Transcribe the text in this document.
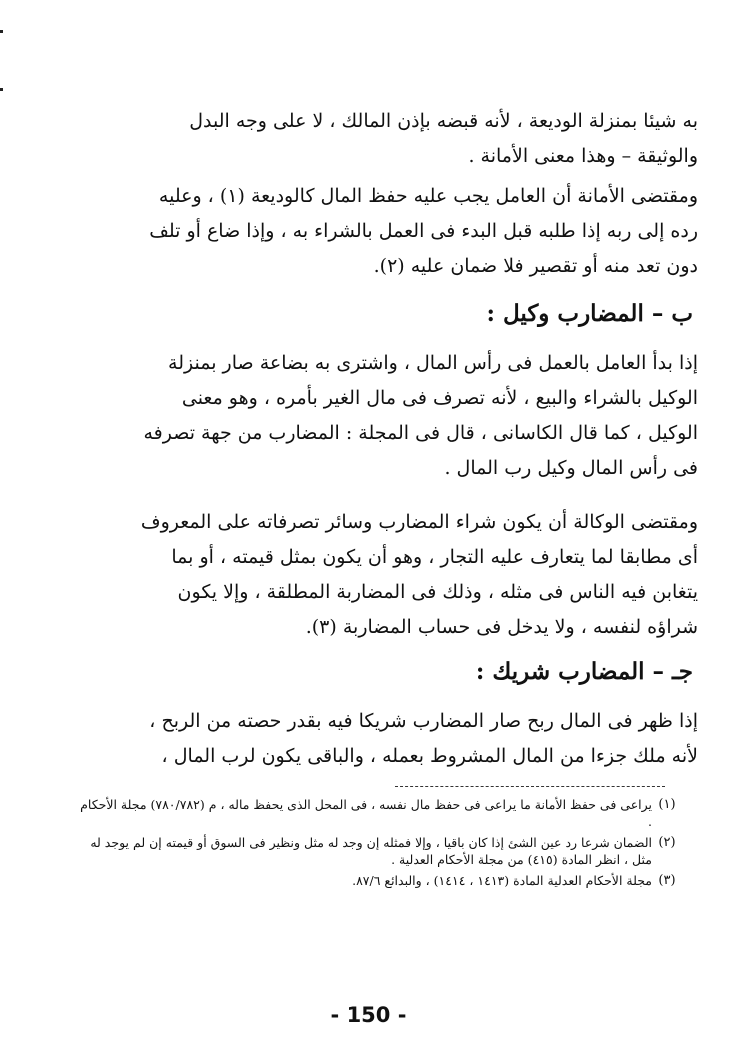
به شيئا بمنزلة الوديعة ، لأنه قبضه بإذن المالك ، لا على وجه البدل
والوثيقة – وهذا معنى الأمانة .
ومقتضى الأمانة أن العامل يجب عليه حفظ المال كالوديعة (١) ، وعليه
رده إلى ربه إذا طلبه قبل البدء فى العمل بالشراء به ، وإذا ضاع أو تلف
دون تعد منه أو تقصير فلا ضمان عليه (٢).
ب – المضارب وكيل :
إذا بدأ العامل بالعمل فى رأس المال ، واشترى به بضاعة صار بمنزلة
الوكيل بالشراء والبيع ، لأنه تصرف فى مال الغير بأمره ، وهو معنى
الوكيل ، كما قال الكاسانى ، قال فى المجلة : المضارب من جهة تصرفه
فى رأس المال وكيل رب المال .
ومقتضى الوكالة أن يكون شراء المضارب وسائر تصرفاته على المعروف
أى مطابقا لما يتعارف عليه التجار ، وهو أن يكون بمثل قيمته ، أو بما
يتغابن فيه الناس فى مثله ، وذلك فى المضاربة المطلقة ، وإلا يكون
شراؤه لنفسه ، ولا يدخل فى حساب المضاربة (٣).
جـ – المضارب شريك :
إذا ظهر فى المال ربح صار المضارب شريكا فيه بقدر حصته من الربح ،
لأنه ملك جزءا من المال المشروط بعمله ، والباقى يكون لرب المال ،
(١)
يراعى فى حفظ الأمانة ما يراعى فى حفظ مال نفسه ، فى المحل الذى يحفظ ماله ، م (٧٨٠/٧٨٢) مجلة الأحكام .
(٢)
الضمان شرعا رد عين الشئ إذا كان باقيا ، وإلا فمثله إن وجد له مثل ونظير فى السوق أو قيمته إن لم يوجد له مثل ، انظر المادة (٤١٥) من مجلة الأحكام العدلية .
(٣)
مجلة الأحكام العدلية المادة (١٤١٣ ، ١٤١٤) ، والبدائع ٨٧/٦.
- 150 -
